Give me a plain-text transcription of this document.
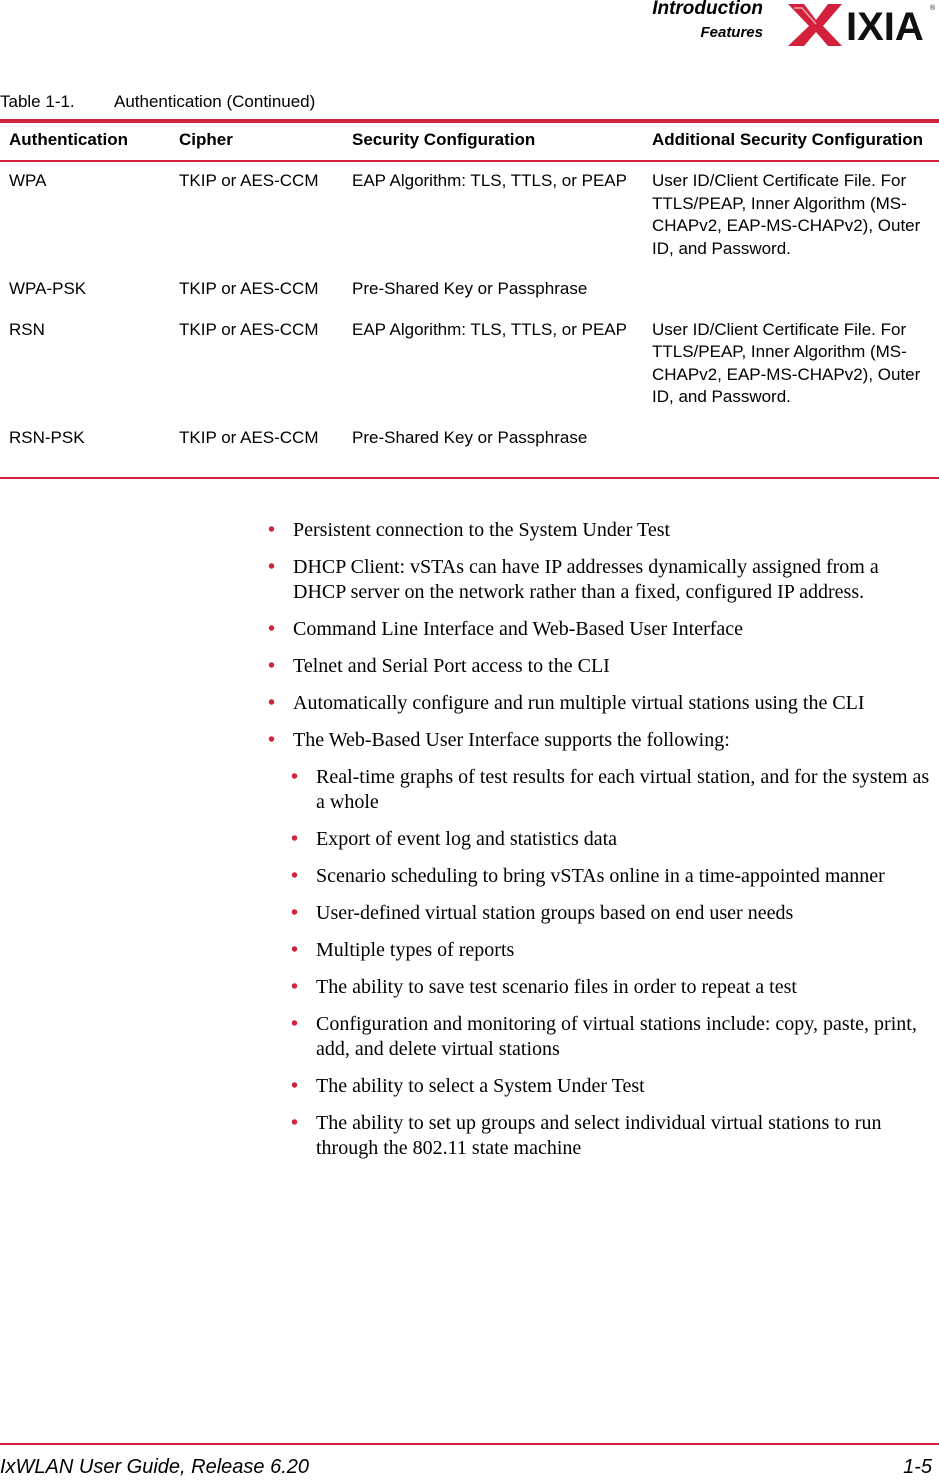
Introduction
Features IXIA ®
Table 1-1. Authentication (Continued)
Authentication	Cipher	Security Configuration	Additional Security Configuration
WPA	TKIP or AES-CCM	EAP Algorithm: TLS, TTLS, or PEAP	User ID/Client Certificate File. For TTLS/PEAP, Inner Algorithm (MS-CHAPv2, EAP-MS-CHAPv2), Outer ID, and Password.
WPA-PSK	TKIP or AES-CCM	Pre-Shared Key or Passphrase	
RSN	TKIP or AES-CCM	EAP Algorithm: TLS, TTLS, or PEAP	User ID/Client Certificate File. For TTLS/PEAP, Inner Algorithm (MS-CHAPv2, EAP-MS-CHAPv2), Outer ID, and Password.
RSN-PSK	TKIP or AES-CCM	Pre-Shared Key or Passphrase	
• Persistent connection to the System Under Test
• DHCP Client: vSTAs can have IP addresses dynamically assigned from a DHCP server on the network rather than a fixed, configured IP address.
• Command Line Interface and Web-Based User Interface
• Telnet and Serial Port access to the CLI
• Automatically configure and run multiple virtual stations using the CLI
• The Web-Based User Interface supports the following:
• Real-time graphs of test results for each virtual station, and for the system as a whole
• Export of event log and statistics data
• Scenario scheduling to bring vSTAs online in a time-appointed manner
• User-defined virtual station groups based on end user needs
• Multiple types of reports
• The ability to save test scenario files in order to repeat a test
• Configuration and monitoring of virtual stations include: copy, paste, print, add, and delete virtual stations
• The ability to select a System Under Test
• The ability to set up groups and select individual virtual stations to run through the 802.11 state machine
IxWLAN User Guide, Release 6.20	1-5
